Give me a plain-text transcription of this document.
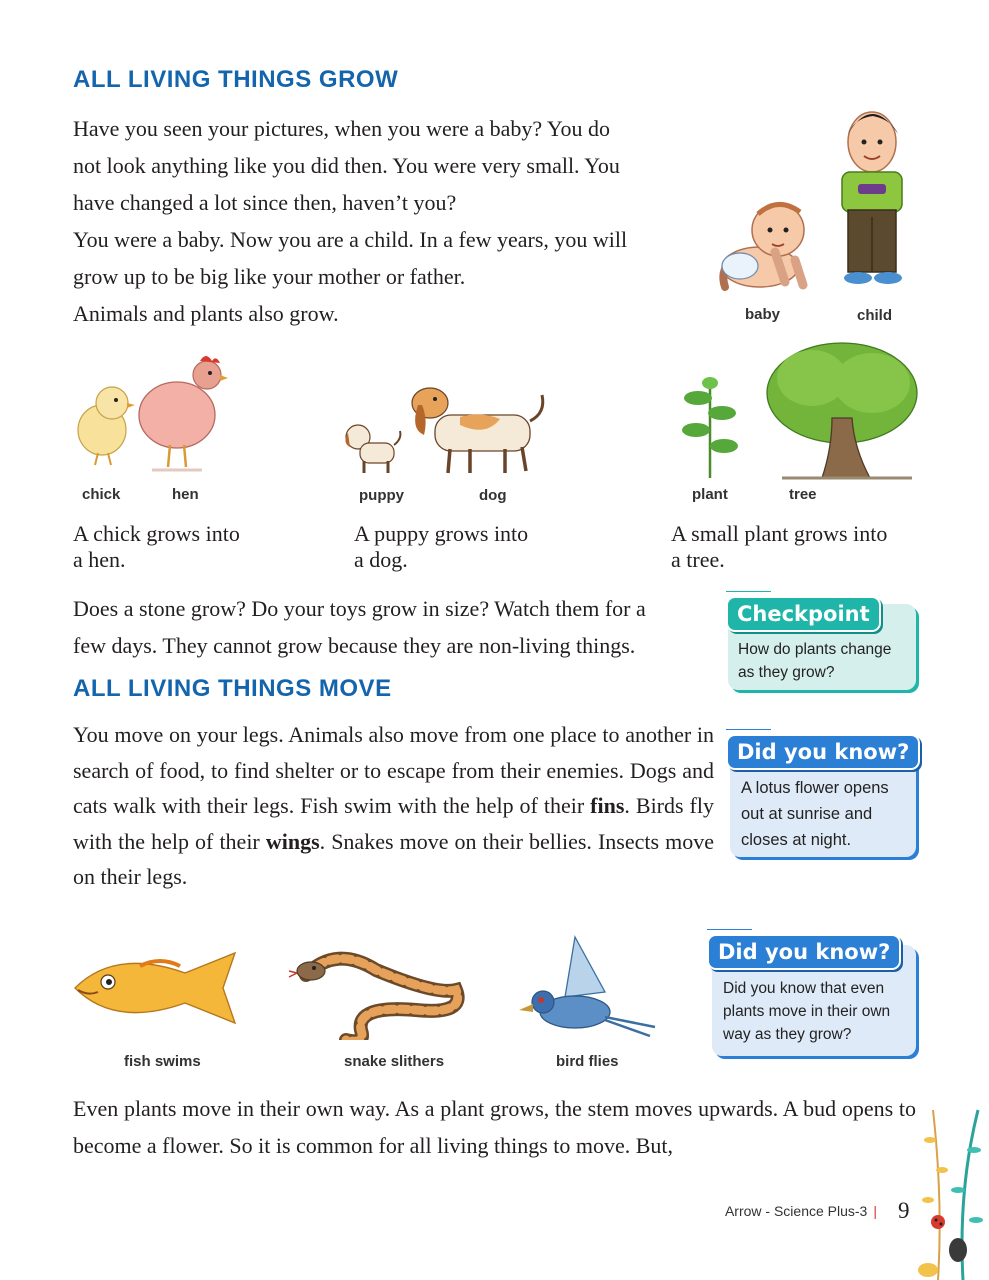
ALL LIVING THINGS GROW

Have you seen your pictures, when you were a baby? You do

not look anything like you did then. You were very small. You

have changed a lot since then, haven’t you?

You were a baby. Now you are a child. In a few years, you will

grow up to be big like your mother or father.

Animals and plants also grow.	baby	child
chick	hen	puppy	dog	plant	tree
A chick grows into
a hen.
A puppy grows into
a dog.
A small plant grows into
a tree.

Does a stone grow? Do your toys grow in size? Watch them for a

few days. They cannot grow because they are non-living things.	How do plants change as they grow?
Checkpoint
ALL LIVING THINGS MOVE
You move on your legs. Animals also move from one place to another in search of food, to find shelter or to escape from their enemies. Dogs and cats walk with their legs. Fish swim with the help of their fins. Birds fly with the help of their wings. Snakes move on their bellies. Insects move on their legs.
A lotus flower opens out at sunrise and closes at night.
Did you know?
fish swims	snake slithers	bird flies
Did you know that even plants move in their own way as they grow?
Did you know?
Even plants move in their own way. As a plant grows, the stem moves upwards. A bud opens to become a flower. So it is common for all living things to move. But,
Arrow - Science Plus-3 | 9
